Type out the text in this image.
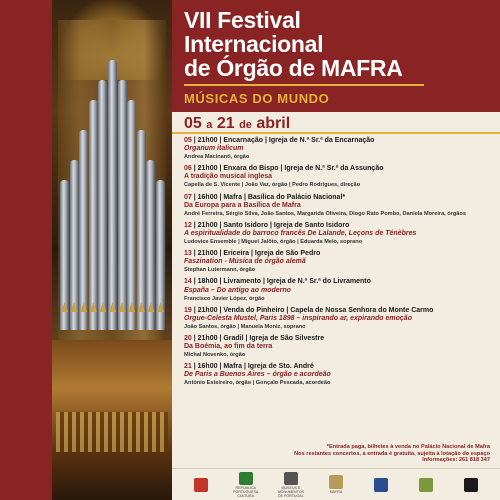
VII Festival
Internacional
de Órgão de MAFRA
MÚSICAS DO MUNDO
05 a 21 de abril
05 | 21h00 | Encarnação | Igreja de N.ª Sr.ª da Encarnação
Organum italicum
Andrea Macinanti, órgão
06 | 21h00 | Enxara do Bispo | Igreja de N.ª Sr.ª da Assunção
A tradição musical inglesa
Capella de S. Vicente | João Vaz, órgão | Pedro Rodrigues, direção
07 | 16h00 | Mafra | Basílica do Palácio Nacional*
Da Europa para a Basílica de Mafra
André Ferreira, Sérgio Silva, João Santos, Margarida Oliveira, Diogo Rato Pombo, Daniela Moreira, órgãos
12 | 21h00 | Santo Isidoro | Igreja de Santo Isidoro
A espiritualidade do barroco francês De Lalande, Leçons de Ténèbres
Ludovice Ensemble | Miguel Jalôto, órgão | Eduarda Melo, soprano
13 | 21h00 | Ericeira | Igreja de São Pedro
Faszination - Música de órgão alemã
Stephan Lutermann, órgão
14 | 18h00 | Livramento | Igreja de N.ª Sr.ª do Livramento
España – Do antigo ao moderno
Francisco Javier López, órgão
19 | 21h00 | Venda do Pinheiro | Capela de Nossa Senhora do Monte Carmo
Orgue-Celesta Mustel, Paris 1898 – inspirando ar, expirando emoção
João Santos, órgão | Manuela Moniz, soprano
20 | 21h00 | Gradil | Igreja de São Silvestre
Da Boémia, ao fim da terra
Michal Novenko, órgão
21 | 16h00 | Mafra | Igreja de Sto. André
De Paris a Buenos Aires – órgão e acordeão
António Esteireiro, órgão | Gonçalo Pescada, acordeão
*Entrada paga, bilhetes à venda no Palácio Nacional de Mafra
Nos restantes concertos, a entrada é gratuita, sujeita à lotação do espaço
Informações: 261 818 347
REPÚBLICA PORTUGUESA CULTURA
MUSEUS E MONUMENTOS DE PORTUGAL
MAFRA
